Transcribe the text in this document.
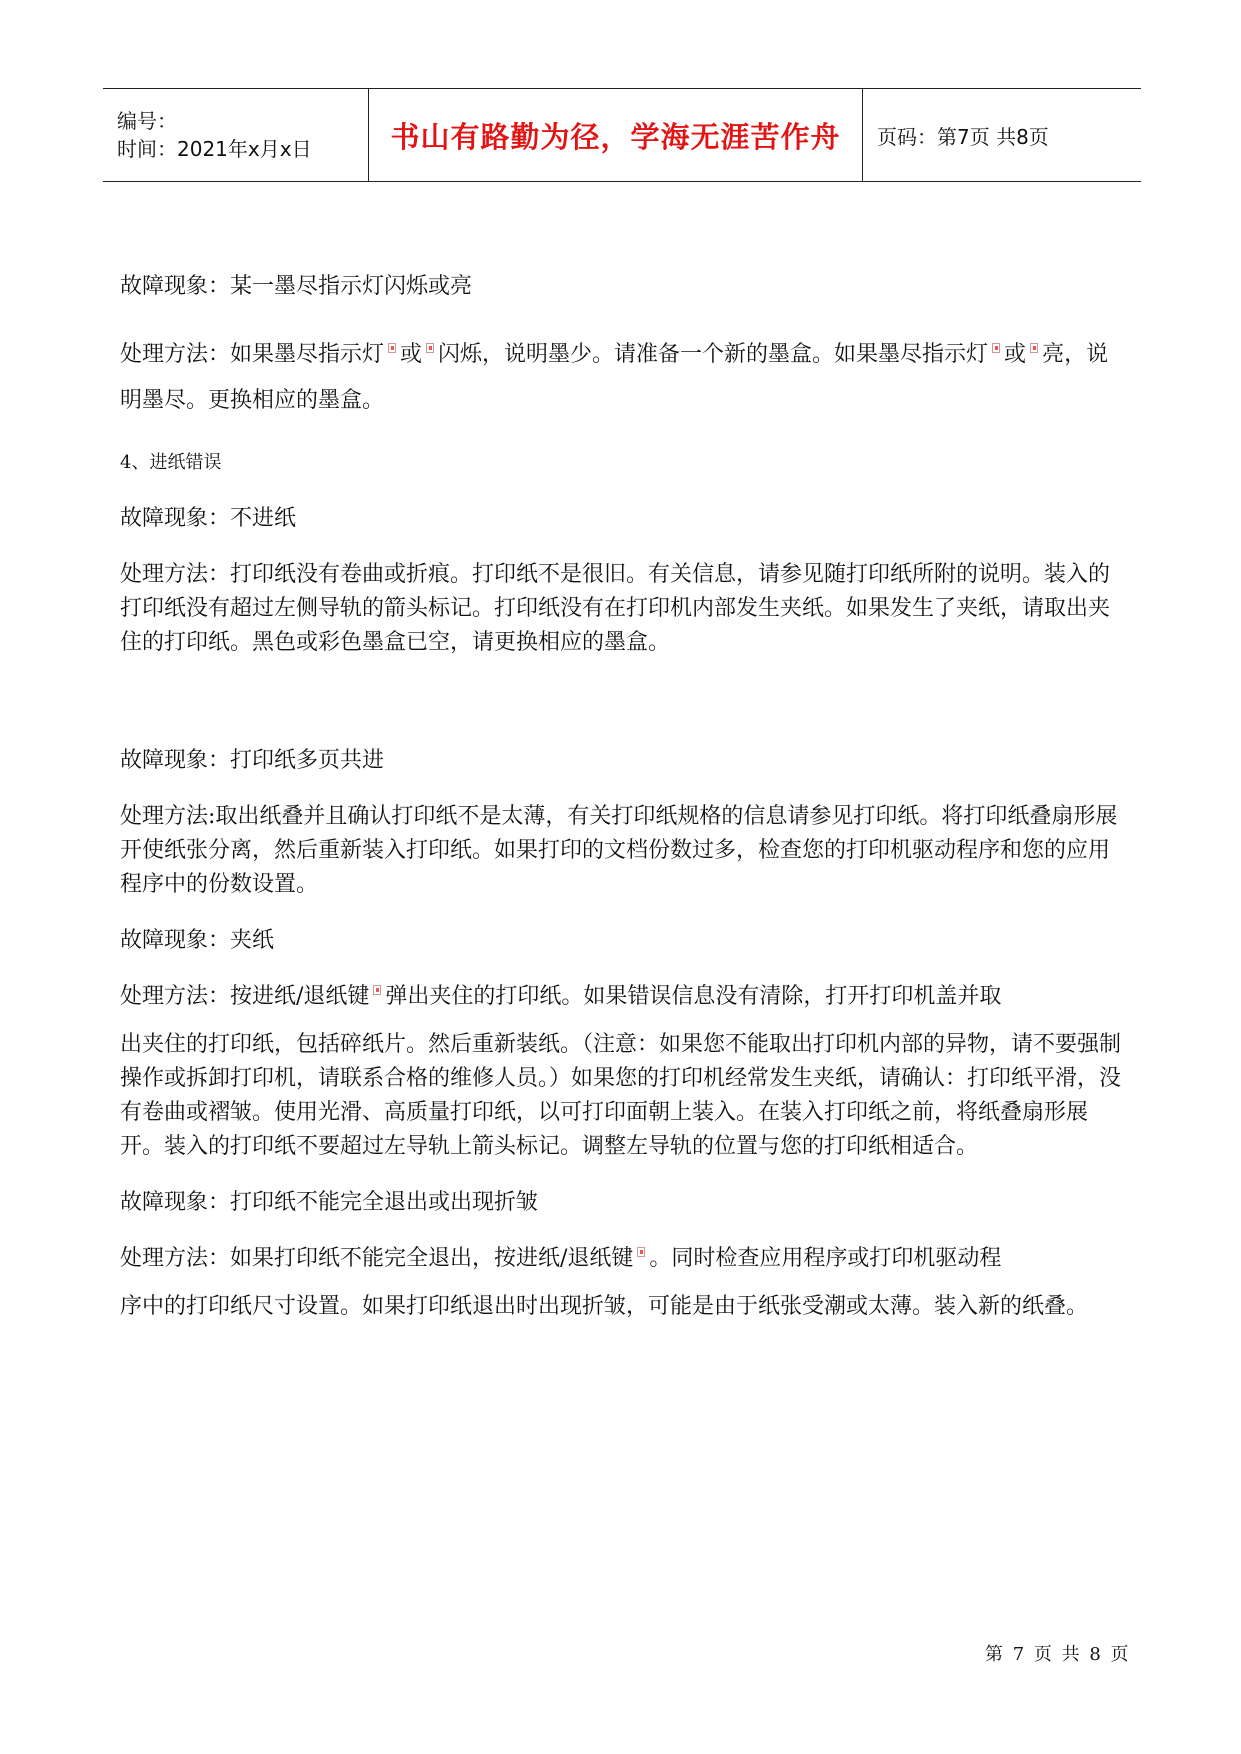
编号：
时间：2021年x月x日	书山有路勤为径，学海无涯苦作舟 页码：第7页 共8页

故障现象：某一墨尽指示灯闪烁或亮

处理方法：如果墨尽指示灯 或 闪烁，说明墨少。请准备一个新的墨盒。如果墨尽指示灯 或 亮，说明墨尽。更换相应的墨盒。

4、进纸错误

故障现象：不进纸

处理方法：打印纸没有卷曲或折痕。打印纸不是很旧。有关信息，请参见随打印纸所附的说明。装入的打印纸没有超过左侧导轨的箭头标记。打印纸没有在打印机内部发生夹纸。如果发生了夹纸，请取出夹住的打印纸。黑色或彩色墨盒已空，请更换相应的墨盒。

故障现象：打印纸多页共进

处理方法:取出纸叠并且确认打印纸不是太薄，有关打印纸规格的信息请参见打印纸。将打印纸叠扇形展开使纸张分离，然后重新装入打印纸。如果打印的文档份数过多，检查您的打印机驱动程序和您的应用程序中的份数设置。

故障现象：夹纸

处理方法：按进纸/退纸键 弹出夹住的打印纸。如果错误信息没有清除，打开打印机盖并取

出夹住的打印纸，包括碎纸片。然后重新装纸。（注意：如果您不能取出打印机内部的异物，请不要强制操作或拆卸打印机，请联系合格的维修人员。）如果您的打印机经常发生夹纸，请确认：打印纸平滑，没有卷曲或褶皱。使用光滑、高质量打印纸，以可打印面朝上装入。在装入打印纸之前，将纸叠扇形展开。装入的打印纸不要超过左导轨上箭头标记。调整左导轨的位置与您的打印纸相适合。

故障现象：打印纸不能完全退出或出现折皱

处理方法：如果打印纸不能完全退出，按进纸/退纸键 。同时检查应用程序或打印机驱动程

序中的打印纸尺寸设置。如果打印纸退出时出现折皱，可能是由于纸张受潮或太薄。装入新的纸叠。

第 7 页 共 8 页
